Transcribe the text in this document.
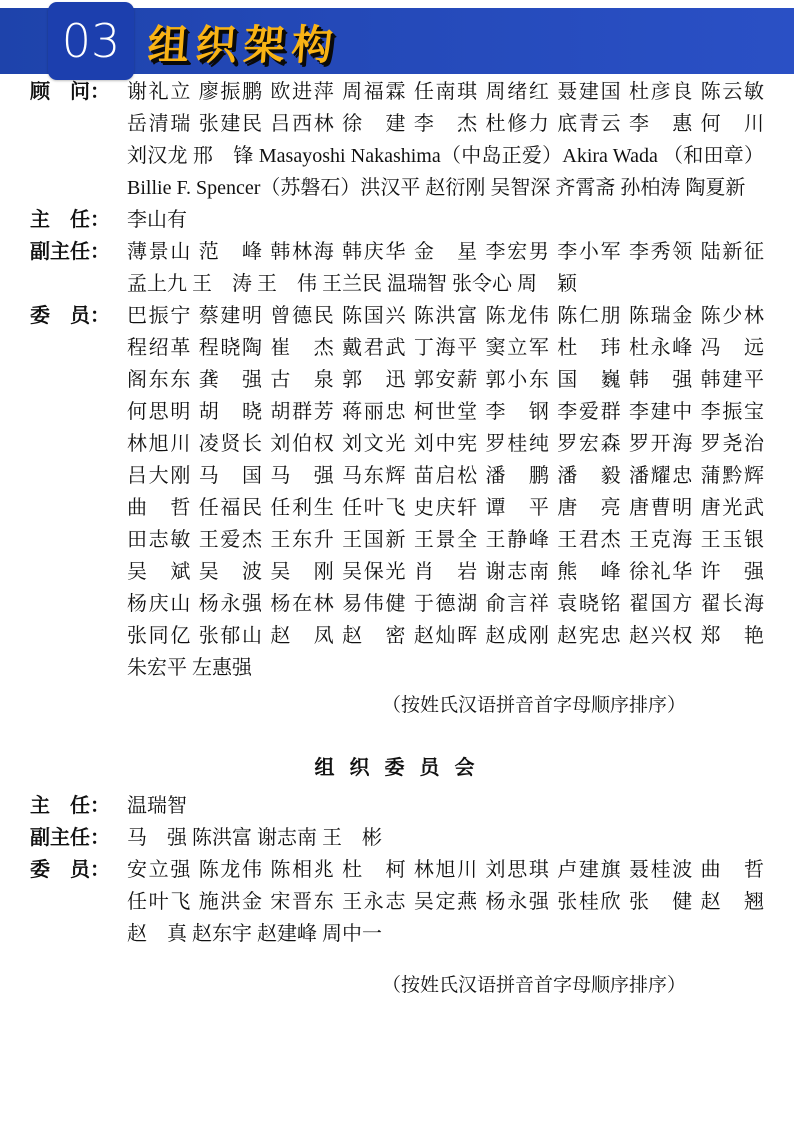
03 组织架构
顾　问： 谢礼立 廖振鹏 欧进萍 周福霖 任南琪 周绪红 聂建国 杜彦良 陈云敏
岳清瑞 张建民 吕西林 徐　建 李　杰 杜修力 底青云 李　惠 何　川
刘汉龙 邢　锋 Masayoshi Nakashima（中岛正爱）Akira Wada （和田章）
Billie F. Spencer（苏磐石）洪汉平 赵衍刚 吴智深 齐霄斋 孙柏涛 陶夏新
主　任： 李山有
副主任： 薄景山 范　峰 韩林海 韩庆华 金　星 李宏男 李小军 李秀领 陆新征
孟上九 王　涛 王　伟 王兰民 温瑞智 张令心 周　颖
委　员： 巴振宁 蔡建明 曾德民 陈国兴 陈洪富 陈龙伟 陈仁朋 陈瑞金 陈少林
程绍革 程晓陶 崔　杰 戴君武 丁海平 窦立军 杜　玮 杜永峰 冯　远
阁东东 龚　强 古　泉 郭　迅 郭安薪 郭小东 国　巍 韩　强 韩建平
何思明 胡　晓 胡群芳 蒋丽忠 柯世堂 李　钢 李爱群 李建中 李振宝
林旭川 凌贤长 刘伯权 刘文光 刘中宪 罗桂纯 罗宏森 罗开海 罗尧治
吕大刚 马　国 马　强 马东辉 苗启松 潘　鹏 潘　毅 潘耀忠 蒲黔辉
曲　哲 任福民 任利生 任叶飞 史庆轩 谭　平 唐　亮 唐曹明 唐光武
田志敏 王爱杰 王东升 王国新 王景全 王静峰 王君杰 王克海 王玉银
吴　斌 吴　波 吴　刚 吴保光 肖　岩 谢志南 熊　峰 徐礼华 许　强
杨庆山 杨永强 杨在林 易伟健 于德湖 俞言祥 袁晓铭 翟国方 翟长海
张同亿 张郁山 赵　凤 赵　密 赵灿晖 赵成刚 赵宪忠 赵兴权 郑　艳
朱宏平 左惠强
（按姓氏汉语拼音首字母顺序排序）
组 织 委 员 会
主　任： 温瑞智
副主任： 马　强 陈洪富 谢志南 王　彬
委　员： 安立强 陈龙伟 陈相兆 杜　柯 林旭川 刘思琪 卢建旗 聂桂波 曲　哲
任叶飞 施洪金 宋晋东 王永志 吴定燕 杨永强 张桂欣 张　健 赵　翘
赵　真 赵东宇 赵建峰 周中一
（按姓氏汉语拼音首字母顺序排序）
